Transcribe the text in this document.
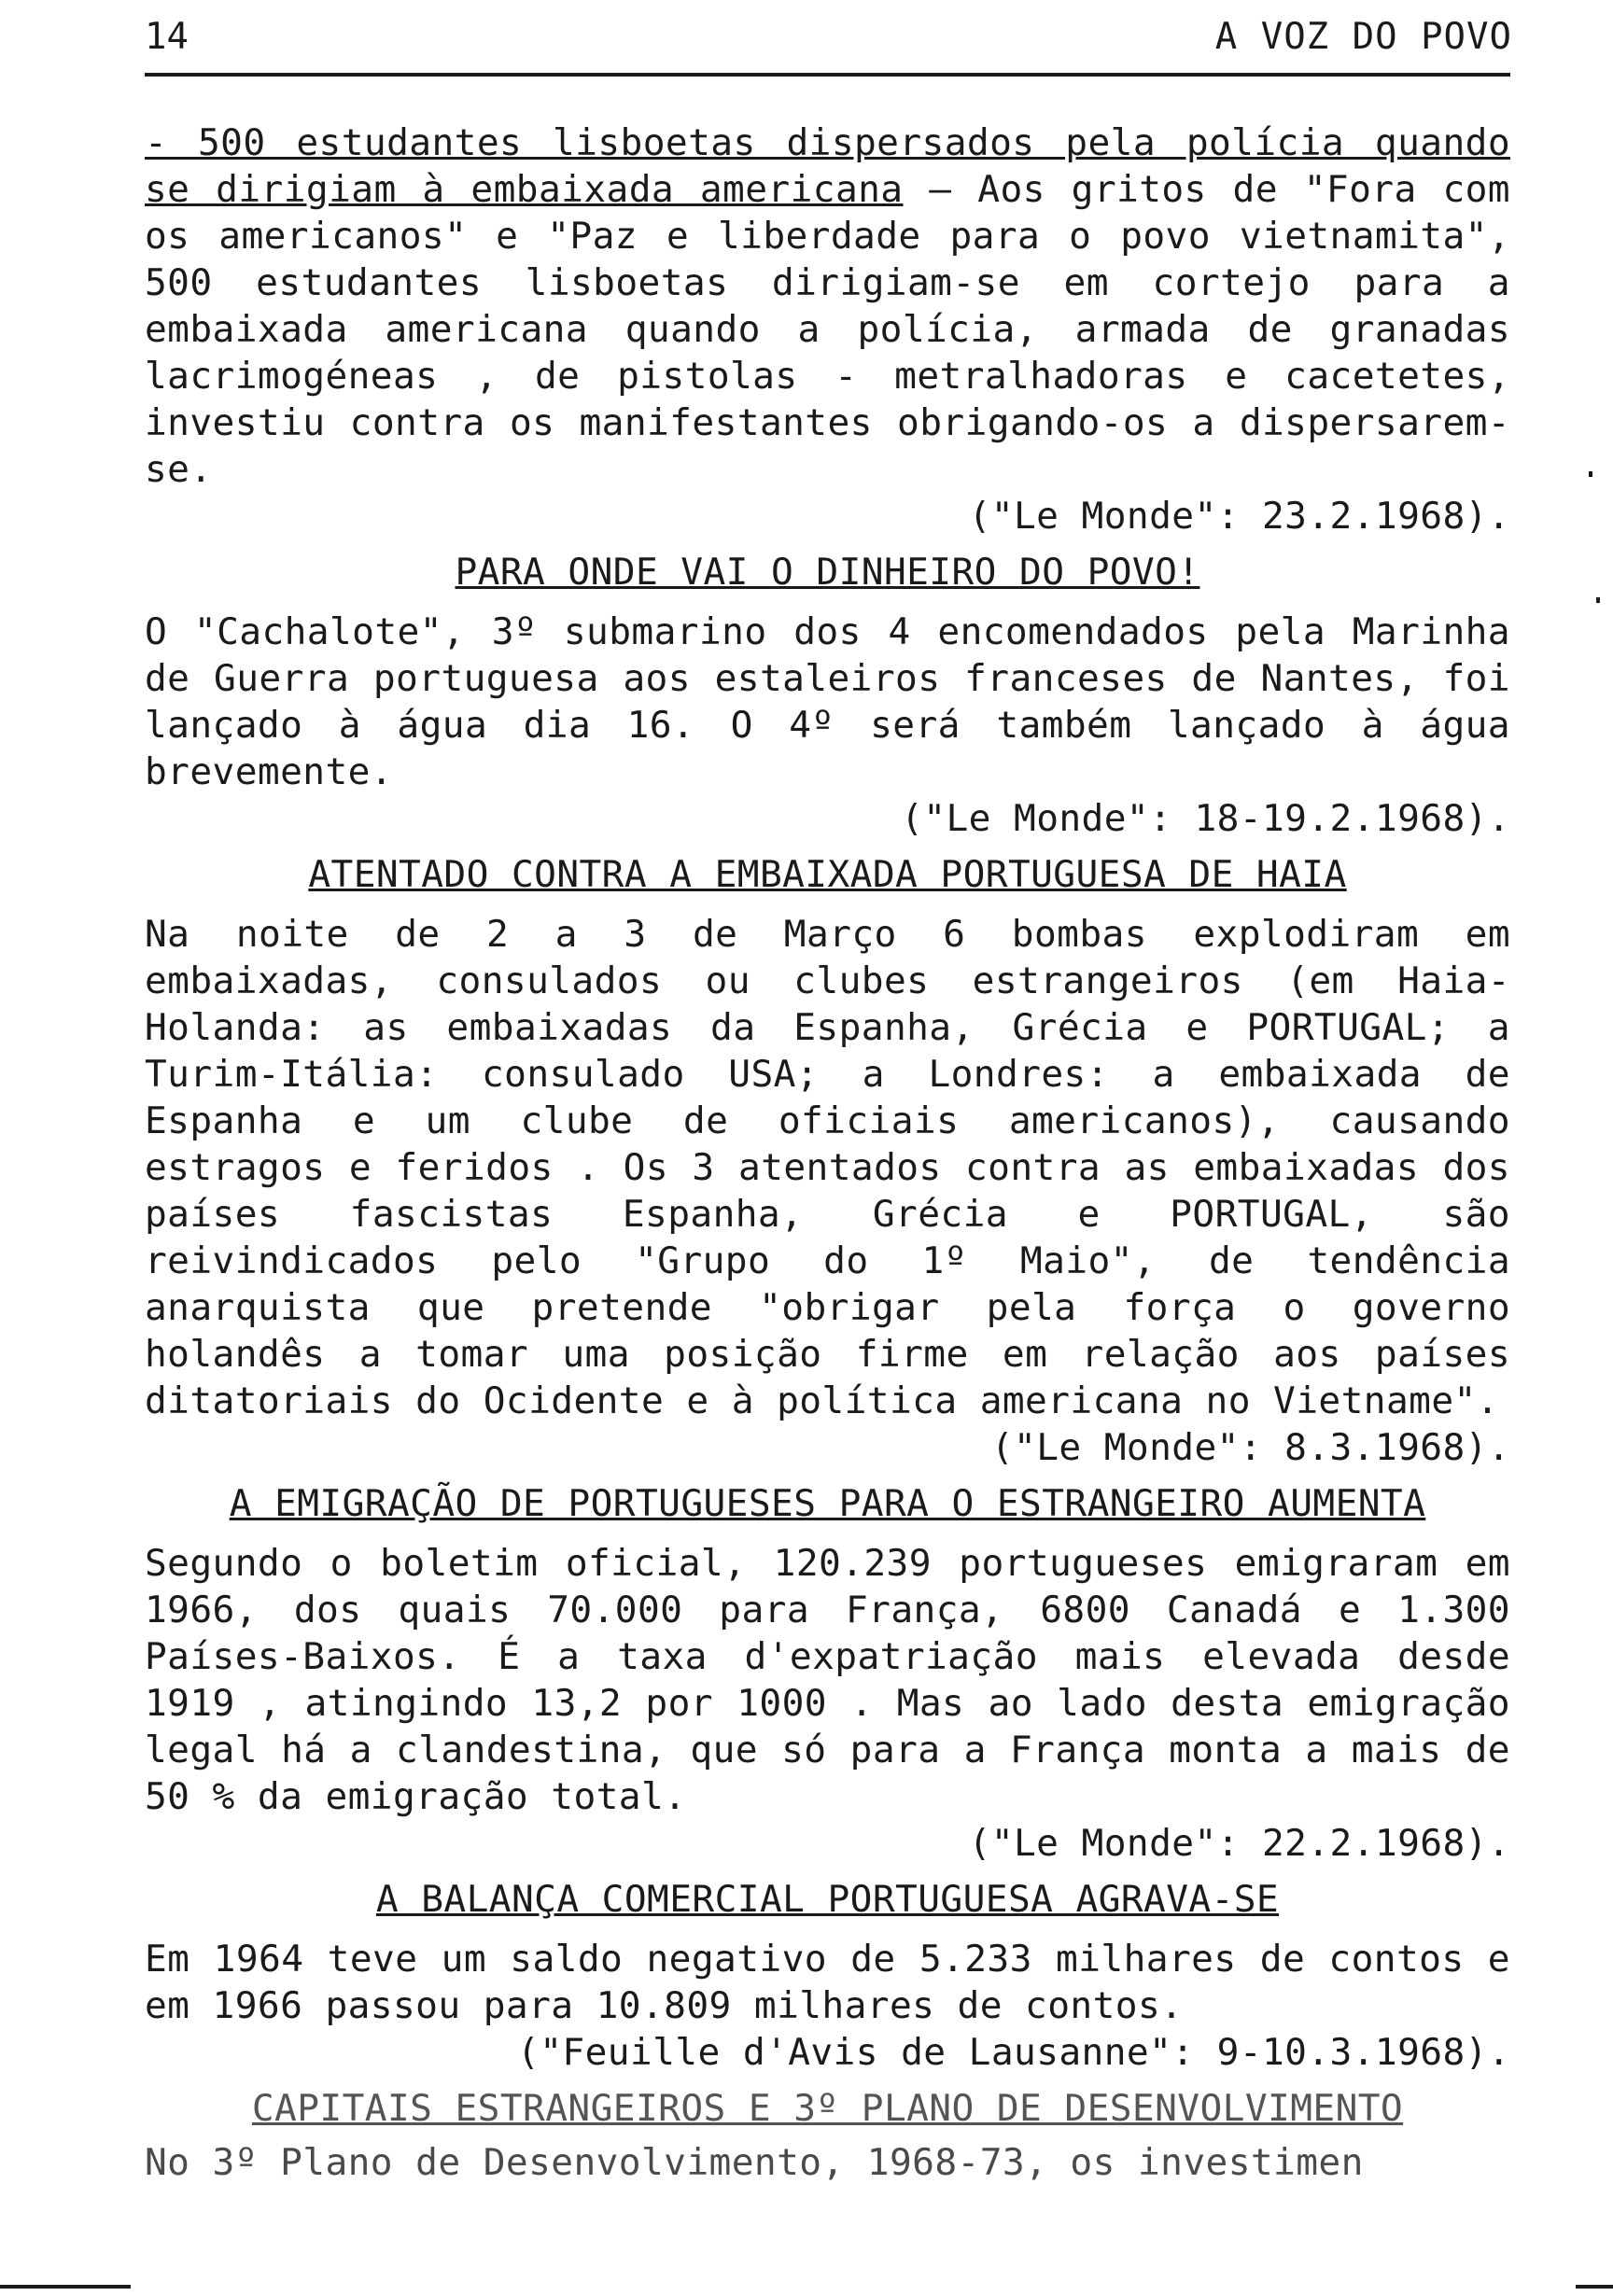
14	A VOZ DO POVO

- 500 estudantes lisboetas dispersados pela polícia quando se dirigiam à embaixada americana — Aos gritos de "Fora com os americanos" e "Paz e liberdade para o povo vietnamita", 500 estudantes lisboetas dirigiam-se em cortejo para a embaixada americana quando a polícia, armada de granadas lacrimogéneas , de pistolas - metralhadoras e cacetetes, investiu contra os manifestantes obrigando-os a dispersarem-se.

("Le Monde": 23.2.1968).

PARA ONDE VAI O DINHEIRO DO POVO!

O "Cachalote", 3º submarino dos 4 encomendados pela Marinha de Guerra portuguesa aos estaleiros franceses de Nantes, foi lançado à água dia 16. O 4º será também lançado à água brevemente.

("Le Monde": 18-19.2.1968).

ATENTADO CONTRA A EMBAIXADA PORTUGUESA DE HAIA

Na noite de 2 a 3 de Março 6 bombas explodiram em embaixadas, consulados ou clubes estrangeiros (em Haia-Holanda: as embaixadas da Espanha, Grécia e PORTUGAL; a Turim-Itália: consulado USA; a Londres: a embaixada de Espanha e um clube de oficiais americanos), causando estragos e feridos . Os 3 atentados contra as embaixadas dos países fascistas Espanha, Grécia e PORTUGAL, são reivindicados pelo "Grupo do 1º Maio", de tendência anarquista que pretende "obrigar pela força o governo holandês a tomar uma posição firme em relação aos países ditatoriais do Ocidente e à política americana no Vietname".

("Le Monde": 8.3.1968).

A EMIGRAÇÃO DE PORTUGUESES PARA O ESTRANGEIRO AUMENTA

Segundo o boletim oficial, 120.239 portugueses emigraram em 1966, dos quais 70.000 para França, 6800 Canadá e 1.300 Países-Baixos. É a taxa d'expatriação mais elevada desde 1919 , atingindo 13,2 por 1000 . Mas ao lado desta emigração legal há a clandestina, que só para a França monta a mais de 50 % da emigração total.

("Le Monde": 22.2.1968).

A BALANÇA COMERCIAL PORTUGUESA AGRAVA-SE

Em 1964 teve um saldo negativo de 5.233 milhares de contos e em 1966 passou para 10.809 milhares de contos.

("Feuille d'Avis de Lausanne": 9-10.3.1968).

CAPITAIS ESTRANGEIROS E 3º PLANO DE DESENVOLVIMENTO

No 3º Plano de Desenvolvimento, 1968-73, os investimen
